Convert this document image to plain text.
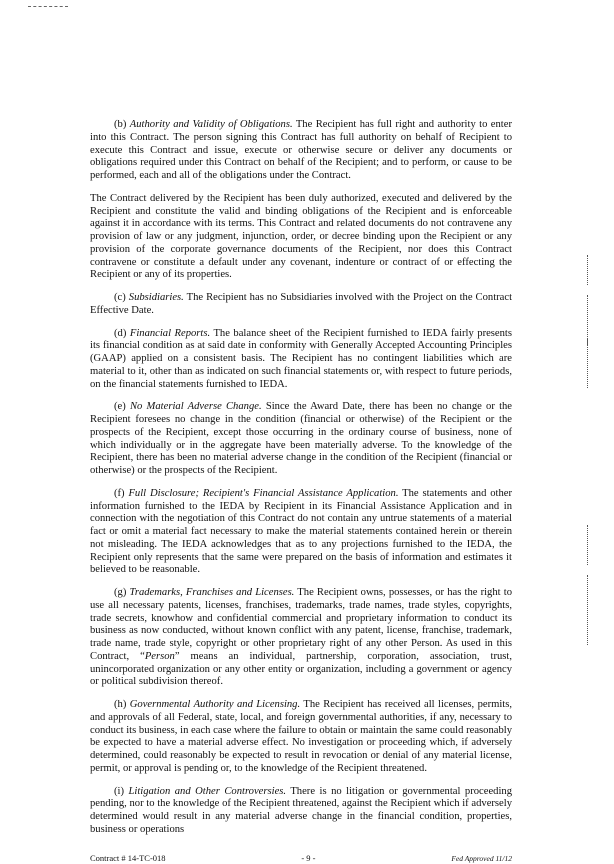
(b) Authority and Validity of Obligations. The Recipient has full right and authority to enter into this Contract. The person signing this Contract has full authority on behalf of Recipient to execute this Contract and issue, execute or otherwise secure or deliver any documents or obligations required under this Contract on behalf of the Recipient; and to perform, or cause to be performed, each and all of the obligations under the Contract.

The Contract delivered by the Recipient has been duly authorized, executed and delivered by the Recipient and constitute the valid and binding obligations of the Recipient and is enforceable against it in accordance with its terms. This Contract and related documents do not contravene any provision of law or any judgment, injunction, order, or decree binding upon the Recipient or any provision of the corporate governance documents of the Recipient, nor does this Contract contravene or constitute a default under any covenant, indenture or contract of or effecting the Recipient or any of its properties.

(c) Subsidiaries. The Recipient has no Subsidiaries involved with the Project on the Contract Effective Date.

(d) Financial Reports. The balance sheet of the Recipient furnished to IEDA fairly presents its financial condition as at said date in conformity with Generally Accepted Accounting Principles (GAAP) applied on a consistent basis. The Recipient has no contingent liabilities which are material to it, other than as indicated on such financial statements or, with respect to future periods, on the financial statements furnished to IEDA.

(e) No Material Adverse Change. Since the Award Date, there has been no change or the Recipient foresees no change in the condition (financial or otherwise) of the Recipient or the prospects of the Recipient, except those occurring in the ordinary course of business, none of which individually or in the aggregate have been materially adverse. To the knowledge of the Recipient, there has been no material adverse change in the condition of the Recipient (financial or otherwise) or the prospects of the Recipient.

(f) Full Disclosure; Recipient's Financial Assistance Application. The statements and other information furnished to the IEDA by Recipient in its Financial Assistance Application and in connection with the negotiation of this Contract do not contain any untrue statements of a material fact or omit a material fact necessary to make the material statements contained herein or therein not misleading. The IEDA acknowledges that as to any projections furnished to the IEDA, the Recipient only represents that the same were prepared on the basis of information and estimates it believed to be reasonable.

(g) Trademarks, Franchises and Licenses. The Recipient owns, possesses, or has the right to use all necessary patents, licenses, franchises, trademarks, trade names, trade styles, copyrights, trade secrets, knowhow and confidential commercial and proprietary information to conduct its business as now conducted, without known conflict with any patent, license, franchise, trademark, trade name, trade style, copyright or other proprietary right of any other Person. As used in this Contract, “Person” means an individual, partnership, corporation, association, trust, unincorporated organization or any other entity or organization, including a government or agency or political subdivision thereof.

(h) Governmental Authority and Licensing. The Recipient has received all licenses, permits, and approvals of all Federal, state, local, and foreign governmental authorities, if any, necessary to conduct its business, in each case where the failure to obtain or maintain the same could reasonably be expected to have a material adverse effect. No investigation or proceeding which, if adversely determined, could reasonably be expected to result in revocation or denial of any material license, permit, or approval is pending or, to the knowledge of the Recipient threatened.

(i) Litigation and Other Controversies. There is no litigation or governmental proceeding pending, nor to the knowledge of the Recipient threatened, against the Recipient which if adversely determined would result in any material adverse change in the financial condition, properties, business or operations

Contract # 14-TC-018	- 9 -	Fed Approved 11/12
